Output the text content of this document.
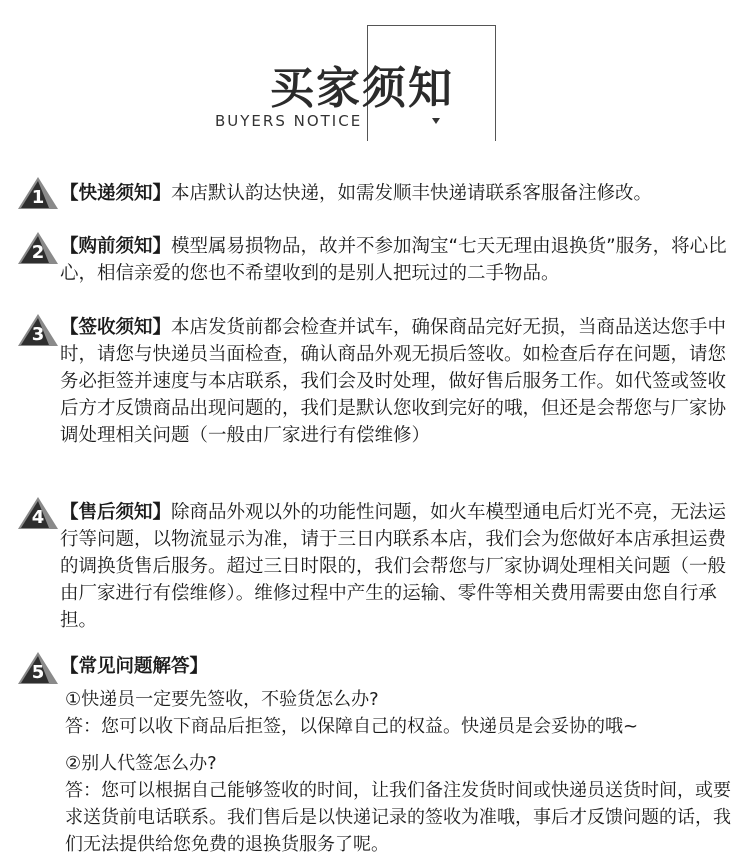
买家须知
BUYERS NOTICE
1 【快递须知】本店默认韵达快递，如需发顺丰快递请联系客服备注修改。

2 【购前须知】模型属易损物品，故并不参加淘宝“七天无理由退换货”服务，将心比心，相信亲爱的您也不希望收到的是别人把玩过的二手物品。

3 【签收须知】本店发货前都会检查并试车，确保商品完好无损，当商品送达您手中时，请您与快递员当面检查，确认商品外观无损后签收。如检查后存在问题，请您务必拒签并速度与本店联系，我们会及时处理，做好售后服务工作。如代签或签收后方才反馈商品出现问题的，我们是默认您收到完好的哦，但还是会帮您与厂家协调处理相关问题（一般由厂家进行有偿维修）

4 【售后须知】除商品外观以外的功能性问题，如火车模型通电后灯光不亮，无法运行等问题，以物流显示为准，请于三日内联系本店，我们会为您做好本店承担运费的调换货售后服务。超过三日时限的，我们会帮您与厂家协调处理相关问题（一般由厂家进行有偿维修）。维修过程中产生的运输、零件等相关费用需要由您自行承担。

5 【常见问题解答】

①快递员一定要先签收，不验货怎么办?

答：您可以收下商品后拒签，以保障自己的权益。快递员是会妥协的哦~

②别人代签怎么办?

答：您可以根据自己能够签收的时间，让我们备注发货时间或快递员送货时间，或要求送货前电话联系。我们售后是以快递记录的签收为准哦，事后才反馈问题的话，我们无法提供给您免费的退换货服务了呢。
